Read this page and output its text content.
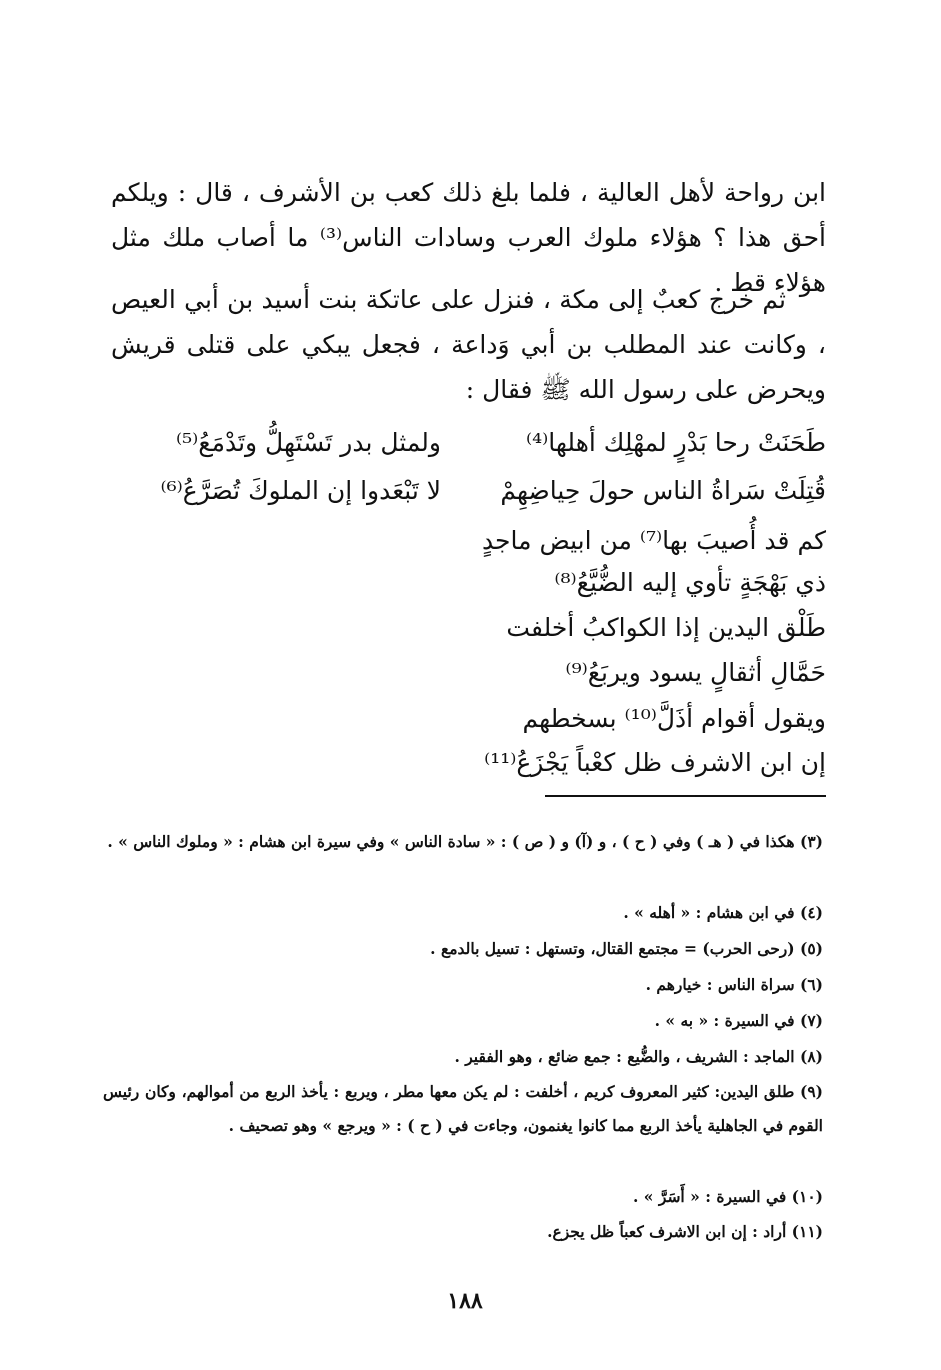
ابن رواحة لأهل العالية ، فلما بلغ ذلك كعب بن الأشرف ، قال : ويلكم أحق هذا ؟ هؤلاء ملوك العرب وسادات الناس⁽³⁾ ما أصاب ملك مثل هؤلاء قط .

ثم خرج كعبٌ إلى مكة ، فنزل على عاتكة بنت أسيد بن أبي العيص ، وكانت عند المطلب بن أبي وَداعة ، فجعل يبكي على قتلى قريش ويحرض على رسول الله ﷺ فقال :

طَحَنَتْ رحا بَدْرٍ لمهْلِك أهلها⁽⁴⁾
ولمثل بدر تَسْتَهِلُّ وتَدْمَعُ⁽⁵⁾
قُتِلَتْ سَراةُ الناس حولَ حِياضِهِمْ
لا تَبْعَدوا إن الملوكَ تُصَرَّعُ⁽⁶⁾
كم قد أُصيبَ بها⁽⁷⁾ من ابيض ماجدٍ
ذي بَهْجَةٍ تأوي إليه الضُّيَّعُ⁽⁸⁾
طَلْق اليدين إذا الكواكبُ أخلفت
حَمَّالِ أثقالٍ يسود ويربَعُ⁽⁹⁾
ويقول أقوام أذَلَّ⁽¹⁰⁾ بسخطهم
إن ابن الاشرف ظل كعْباً يَجْزَعُ⁽¹¹⁾
(٣) هكذا في ( هـ ) وفي ( ح ) ، و (آ) و ( ص ) : « سادة الناس » وفي سيرة ابن هشام : « وملوك الناس » .
(٤) في ابن هشام : « أهله » .
(٥) (رحى الحرب) = مجتمع القتال، وتستهل : تسيل بالدمع .
(٦) سراة الناس : خيارهم .
(٧) في السيرة : « به » .
(٨) الماجد : الشريف ، والضُّيع : جمع ضائع ، وهو الفقير .
(٩) طلق اليدين: كثير المعروف كريم ، أخلفت : لم يكن معها مطر ، ويربع : يأخذ الربع من أموالهم، وكان رئيس القوم في الجاهلية يأخذ الربع مما كانوا يغنمون، وجاءت في ( ح ) : « ويرجع » وهو تصحيف .
(١٠) في السيرة : « أَسَرَّ » .
(١١) أراد : إن ابن الاشرف كعباً ظل يجزع.
١٨٨
